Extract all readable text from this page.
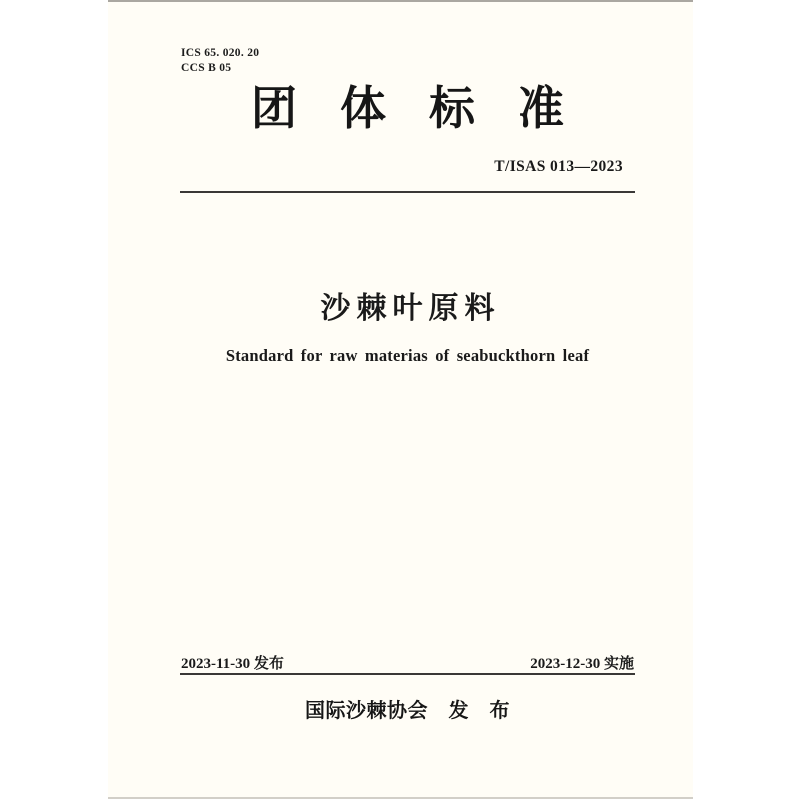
ICS 65. 020. 20
CCS B 05
团体标准
T/ISAS 013—2023
沙棘叶原料
Standard for raw materias of seabuckthorn leaf
2023-11-30 发布	2023-12-30 实施
国际沙棘协会　发　布
